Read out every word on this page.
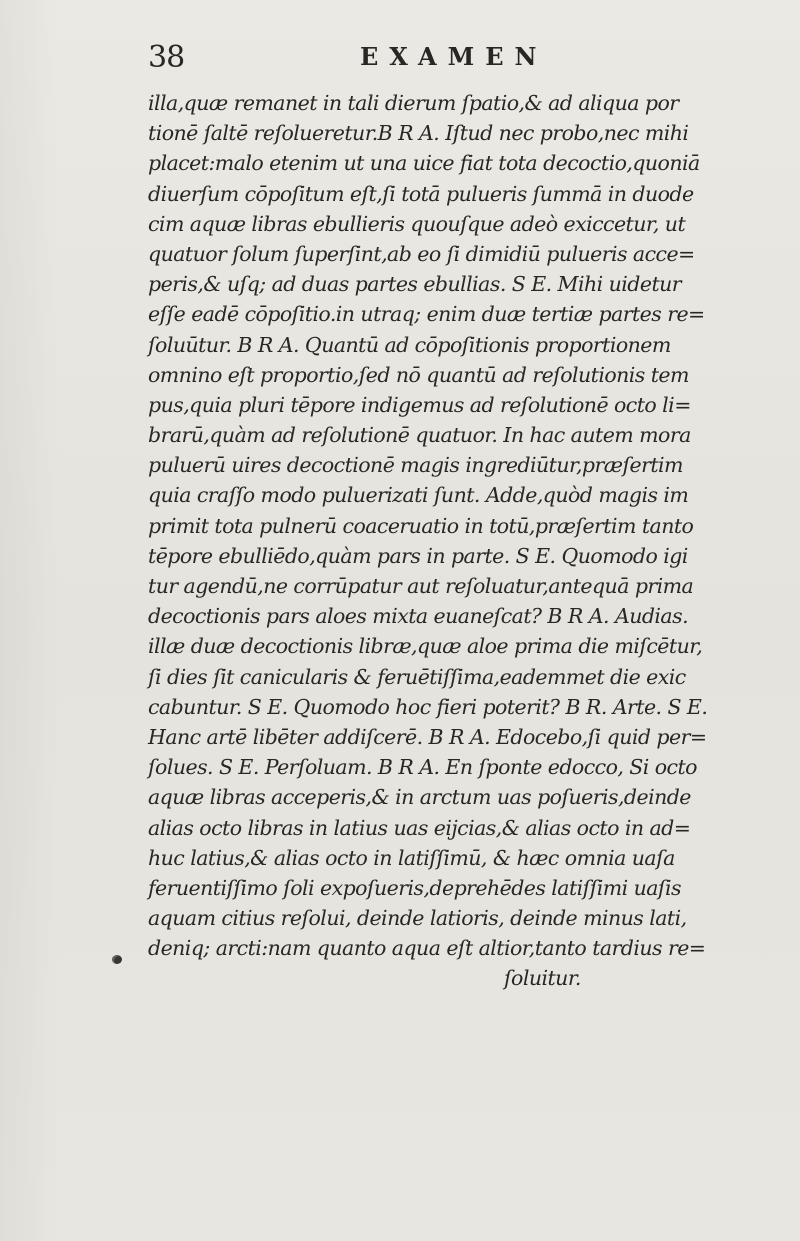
38	EXAMEN
illa,quæ remanet in tali dierum ſpatio,& ad aliqua por
tionē ſaltē reſolueretur.B R A. Iſtud nec probo,nec mihi
placet:malo etenim ut una uice fiat tota decoctio,quoniā
diuerſum cōpoſitum eſt,ſi totā pulueris ſummā in duode
cim aquæ libras ebullieris quouſque adeò exiccetur, ut
quatuor ſolum ſuperſint,ab eo ſi dimidiū pulueris acce=
peris,& uſq; ad duas partes ebullias. S E. Mihi uidetur
eſſe eadē cōpoſitio.in utraq; enim duæ tertiæ partes re=
ſoluūtur. B R A. Quantū ad cōpoſitionis proportionem
omnino eſt proportio,ſed nō quantū ad reſolutionis tem
pus,quia pluri tēpore indigemus ad reſolutionē octo li=
brarū,quàm ad reſolutionē quatuor. In hac autem mora
puluerū uires decoctionē magis ingrediūtur,præſertim
quia craſſo modo puluerizati ſunt. Adde,quòd magis im
primit tota pulnerū coaceruatio in totū,præſertim tanto
tēpore ebulliēdo,quàm pars in parte. S E. Quomodo igi
tur agendū,ne corrūpatur aut reſoluatur,antequā prima
decoctionis pars aloes mixta euaneſcat? B R A. Audias.
illæ duæ decoctionis libræ,quæ aloe prima die miſcētur,
ſi dies ſit canicularis & feruētiſſima,eademmet die exic
cabuntur. S E. Quomodo hoc fieri poterit? B R. Arte. S E.
Hanc artē libēter addiſcerē. B R A. Edocebo,ſi quid per=
ſolues. S E. Perſoluam. B R A. En ſponte edocco, Si octo
aquæ libras acceperis,& in arctum uas poſueris,deinde
alias octo libras in latius uas eijcias,& alias octo in ad=
huc latius,& alias octo in latiſſimū, & hæc omnia uaſa
feruentiſſimo ſoli expoſueris,deprehēdes latiſſimi uaſis
aquam citius reſolui, deinde latioris, deinde minus lati,
deniq; arcti:nam quanto aqua eſt altior,tanto tardius re=
ſoluitur.
